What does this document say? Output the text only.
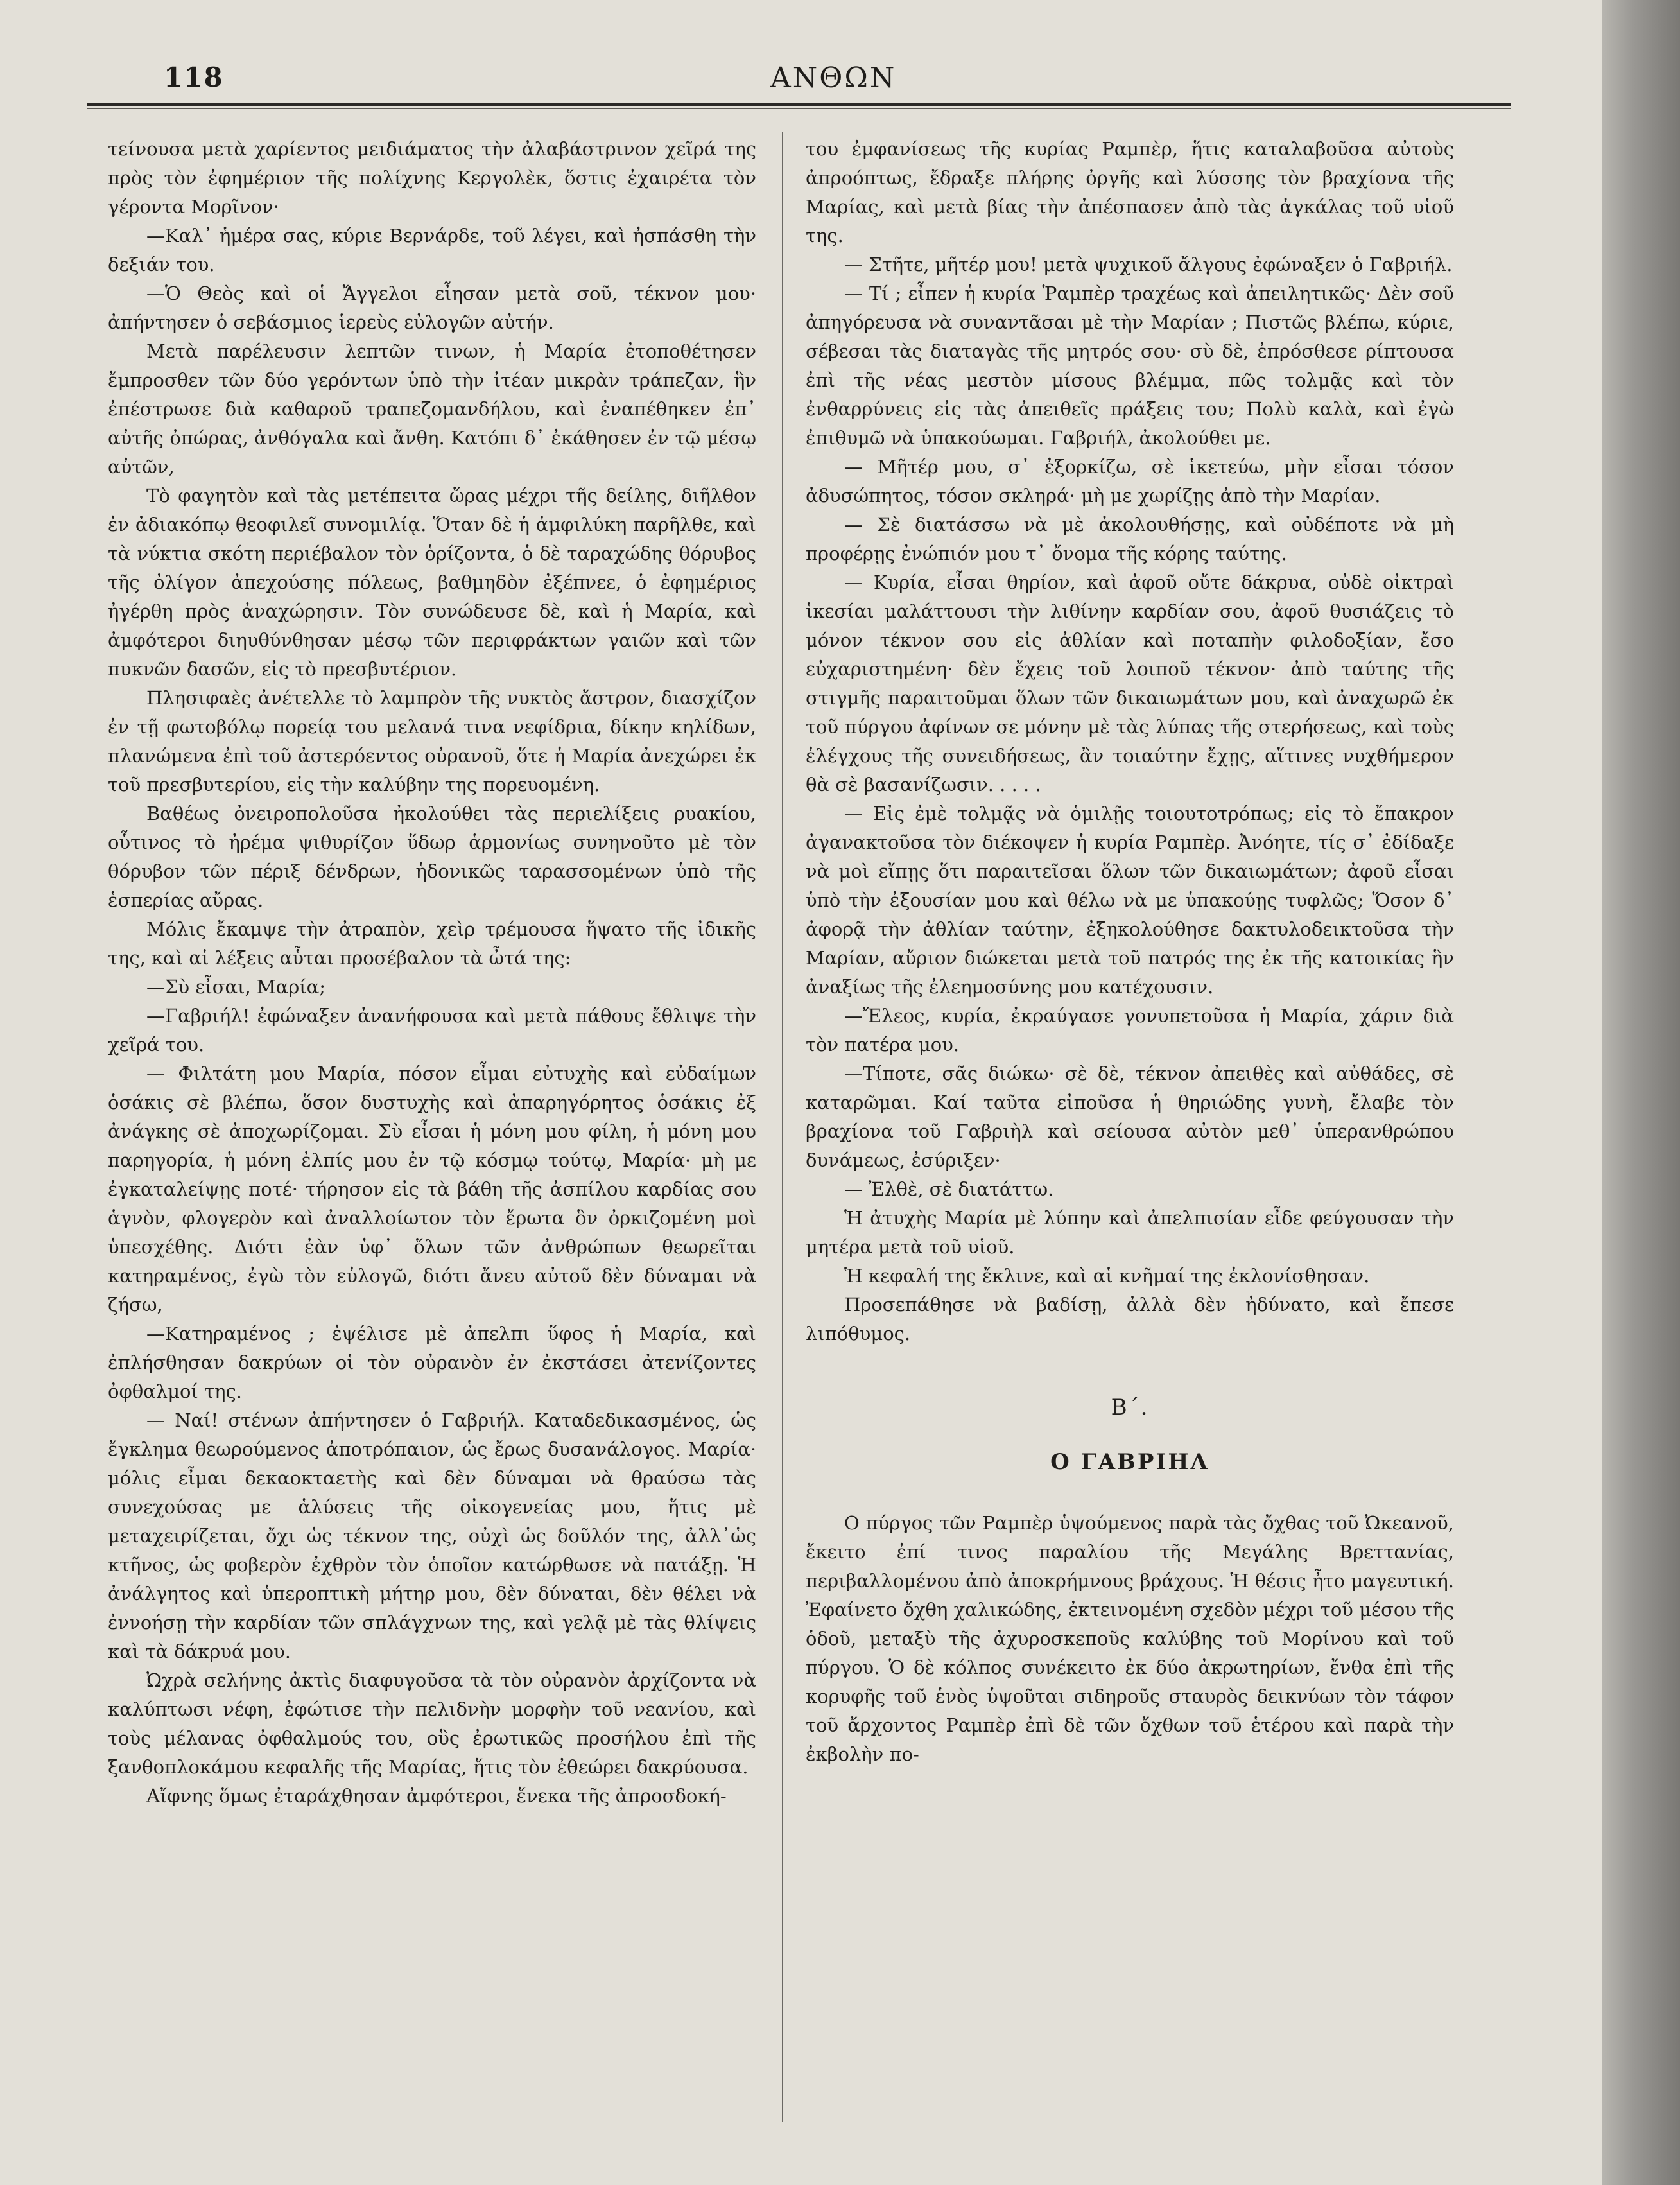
118	ΑΝΘΩΝ

τείνουσα μετὰ χαρίεντος μειδιάματος τὴν ἀλαβάστρινον χεῖρά της πρὸς τὸν ἐφημέριον τῆς πολίχνης Κεργολὲκ, ὅστις ἐχαιρέτα τὸν γέροντα Μορῖνον·

—Καλ᾽ ἡμέρα σας, κύριε Βερνάρδε, τοῦ λέγει, καὶ ἠσπάσθη τὴν δεξιάν του.

—Ὁ Θεὸς καὶ οἱ Ἄγγελοι εἶησαν μετὰ σοῦ, τέκνον μου· ἀπήντησεν ὁ σεβάσμιος ἱερεὺς εὐλογῶν αὐτήν.

Μετὰ παρέλευσιν λεπτῶν τινων, ἡ Μαρία ἐτοποθέτησεν ἔμπροσθεν τῶν δύο γερόντων ὑπὸ τὴν ἰτέαν μικρὰν τράπεζαν, ἣν ἐπέστρωσε διὰ καθαροῦ τραπεζομανδήλου, καὶ ἐναπέθηκεν ἐπ᾽ αὐτῆς ὀπώρας, ἀνθόγαλα καὶ ἄνθη. Κατόπι δ᾽ ἐκάθησεν ἐν τῷ μέσῳ αὐτῶν,

Τὸ φαγητὸν καὶ τὰς μετέπειτα ὥρας μέχρι τῆς δείλης, διῆλθον ἐν ἀδιακόπῳ θεοφιλεῖ συνομιλίᾳ. Ὅταν δὲ ἡ ἀμφιλύκη παρῆλθε, καὶ τὰ νύκτια σκότη περιέβαλον τὸν ὁρίζοντα, ὁ δὲ ταραχώδης θόρυβος τῆς ὀλίγον ἀπεχούσης πόλεως, βαθμηδὸν ἐξέπνεε, ὁ ἐφημέριος ἠγέρθη πρὸς ἀναχώρησιν. Τὸν συνώδευσε δὲ, καὶ ἡ Μαρία, καὶ ἀμφότεροι διηυθύνθησαν μέσῳ τῶν περιφράκτων γαιῶν καὶ τῶν πυκνῶν δασῶν, εἰς τὸ πρεσβυτέριον.

Πλησιφαὲς ἀνέτελλε τὸ λαμπρὸν τῆς νυκτὸς ἄστρον, διασχίζον ἐν τῇ φωτοβόλῳ πορείᾳ του μελανά τινα νεφίδρια, δίκην κηλίδων, πλανώμενα ἐπὶ τοῦ ἀστερόεντος οὐρανοῦ, ὅτε ἡ Μαρία ἀνεχώρει ἐκ τοῦ πρεσβυτερίου, εἰς τὴν καλύβην της πορευομένη.

Βαθέως ὀνειροπολοῦσα ἠκολούθει τὰς περιελίξεις ρυακίου, οὗτινος τὸ ἠρέμα ψιθυρίζον ὕδωρ ἁρμονίως συνηνοῦτο μὲ τὸν θόρυβον τῶν πέριξ δένδρων, ἡδονικῶς ταρασσομένων ὑπὸ τῆς ἑσπερίας αὔρας.

Μόλις ἔκαμψε τὴν ἀτραπὸν, χεὶρ τρέμουσα ἥψατο τῆς ἰδικῆς της, καὶ αἱ λέξεις αὗται προσέβαλον τὰ ὦτά της:

—Σὺ εἶσαι, Μαρία;

—Γαβριήλ! ἐφώναξεν ἀνανήφουσα καὶ μετὰ πάθους ἔθλιψε τὴν χεῖρά του.

— Φιλτάτη μου Μαρία, πόσον εἶμαι εὐτυχὴς καὶ εὐδαίμων ὁσάκις σὲ βλέπω, ὅσον δυστυχὴς καὶ ἀπαρηγόρητος ὁσάκις ἐξ ἀνάγκης σὲ ἀποχωρίζομαι. Σὺ εἶσαι ἡ μόνη μου φίλη, ἡ μόνη μου παρηγορία, ἡ μόνη ἐλπίς μου ἐν τῷ κόσμῳ τούτῳ, Μαρία· μὴ με ἐγκαταλείψῃς ποτέ· τήρησον εἰς τὰ βάθη τῆς ἀσπίλου καρδίας σου ἁγνὸν, φλογερὸν καὶ ἀναλλοίωτον τὸν ἔρωτα ὃν ὀρκιζομένη μοὶ ὑπεσχέθης. Διότι ἐὰν ὑφ᾽ ὅλων τῶν ἀνθρώπων θεωρεῖται κατηραμένος, ἐγὼ τὸν εὐλογῶ, διότι ἄνευ αὐτοῦ δὲν δύναμαι νὰ ζήσω,

—Κατηραμένος ; ἐψέλισε μὲ ἀπελπι ὕφος ἡ Μαρία, καὶ ἐπλήσθησαν δακρύων οἱ τὸν οὐρανὸν ἐν ἐκστάσει ἀτενίζοντες ὀφθαλμοί της.

— Ναί! στένων ἀπήντησεν ὁ Γαβριήλ. Καταδεδικασμένος, ὡς ἔγκλημα θεωρούμενος ἀποτρόπαιον, ὡς ἔρως δυσανάλογος. Μαρία· μόλις εἶμαι δεκαοκταετὴς καὶ δὲν δύναμαι νὰ θραύσω τὰς συνεχούσας με ἁλύσεις τῆς οἰκογενείας μου, ἥτις μὲ μεταχειρίζεται, ὄχι ὡς τέκνον της, οὐχὶ ὡς δοῦλόν της, ἀλλ᾽ὡς κτῆνος, ὡς φοβερὸν ἐχθρὸν τὸν ὁποῖον κατώρθωσε νὰ πατάξῃ. Ἡ ἀνάλγητος καὶ ὑπεροπτικὴ μήτηρ μου, δὲν δύναται, δὲν θέλει νὰ ἐννοήσῃ τὴν καρδίαν τῶν σπλάγχνων της, καὶ γελᾷ μὲ τὰς θλίψεις καὶ τὰ δάκρυά μου.

Ὠχρὰ σελήνης ἀκτὶς διαφυγοῦσα τὰ τὸν οὐρανὸν ἀρχίζοντα νὰ καλύπτωσι νέφη, ἐφώτισε τὴν πελιδνὴν μορφὴν τοῦ νεανίου, καὶ τοὺς μέλανας ὀφθαλμούς του, οὓς ἐρωτικῶς προσήλου ἐπὶ τῆς ξανθοπλοκάμου κεφαλῆς τῆς Μαρίας, ἥτις τὸν ἐθεώρει δακρύουσα.

Αἴφνης ὅμως ἐταράχθησαν ἀμφότεροι, ἕνεκα τῆς ἀπροσδοκή-

του ἐμφανίσεως τῆς κυρίας Ραμπὲρ, ἥτις καταλαβοῦσα αὐτοὺς ἀπροόπτως, ἔδραξε πλήρης ὀργῆς καὶ λύσσης τὸν βραχίονα τῆς Μαρίας, καὶ μετὰ βίας τὴν ἀπέσπασεν ἀπὸ τὰς ἀγκάλας τοῦ υἱοῦ της.

— Στῆτε, μῆτέρ μου! μετὰ ψυχικοῦ ἄλγους ἐφώναξεν ὁ Γαβριήλ.

— Τί ; εἶπεν ἡ κυρία Ῥαμπὲρ τραχέως καὶ ἀπειλητικῶς· Δὲν σοῦ ἀπηγόρευσα νὰ συναντᾶσαι μὲ τὴν Μαρίαν ; Πιστῶς βλέπω, κύριε, σέβεσαι τὰς διαταγὰς τῆς μητρός σου· σὺ δὲ, ἐπρόσθεσε ρίπτουσα ἐπὶ τῆς νέας μεστὸν μίσους βλέμμα, πῶς τολμᾷς καὶ τὸν ἐνθαρρύνεις εἰς τὰς ἀπειθεῖς πράξεις του; Πολὺ καλὰ, καὶ ἐγὼ ἐπιθυμῶ νὰ ὑπακούωμαι. Γαβριήλ, ἀκολούθει με.

— Μῆτέρ μου, σ᾽ ἐξορκίζω, σὲ ἱκετεύω, μὴν εἶσαι τόσον ἀδυσώπητος, τόσον σκληρά· μὴ με χωρίζῃς ἀπὸ τὴν Μαρίαν.

— Σὲ διατάσσω νὰ μὲ ἀκολουθήσῃς, καὶ οὐδέποτε νὰ μὴ προφέρῃς ἐνώπιόν μου τ᾽ ὄνομα τῆς κόρης ταύτης.

— Κυρία, εἶσαι θηρίον, καὶ ἀφοῦ οὔτε δάκρυα, οὐδὲ οἰκτραὶ ἱκεσίαι μαλάττουσι τὴν λιθίνην καρδίαν σου, ἀφοῦ θυσιάζεις τὸ μόνον τέκνον σου εἰς ἀθλίαν καὶ ποταπὴν φιλοδοξίαν, ἔσο εὐχαριστημένη· δὲν ἔχεις τοῦ λοιποῦ τέκνον· ἀπὸ ταύτης τῆς στιγμῆς παραιτοῦμαι ὅλων τῶν δικαιωμάτων μου, καὶ ἀναχωρῶ ἐκ τοῦ πύργου ἀφίνων σε μόνην μὲ τὰς λύπας τῆς στερήσεως, καὶ τοὺς ἐλέγχους τῆς συνειδήσεως, ἂν τοιαύτην ἔχῃς, αἵτινες νυχθήμερον θὰ σὲ βασανίζωσιν. . . . .

— Εἰς ἐμὲ τολμᾷς νὰ ὁμιλῇς τοιουτοτρόπως; εἰς τὸ ἔπακρον ἀγανακτοῦσα τὸν διέκοψεν ἡ κυρία Ραμπὲρ. Ἀνόητε, τίς σ᾽ ἐδίδαξε νὰ μοὶ εἴπῃς ὅτι παραιτεῖσαι ὅλων τῶν δικαιωμάτων; ἀφοῦ εἶσαι ὑπὸ τὴν ἐξουσίαν μου καὶ θέλω νὰ με ὑπακούῃς τυφλῶς; Ὅσον δ᾽ ἀφορᾷ τὴν ἀθλίαν ταύτην, ἐξηκολούθησε δακτυλοδεικτοῦσα τὴν Μαρίαν, αὔριον διώκεται μετὰ τοῦ πατρός της ἐκ τῆς κατοικίας ἣν ἀναξίως τῆς ἐλεημοσύνης μου κατέχουσιν.

—Ἔλεος, κυρία, ἐκραύγασε γονυπετοῦσα ἡ Μαρία, χάριν διὰ τὸν πατέρα μου.

—Τίποτε, σᾶς διώκω· σὲ δὲ, τέκνον ἀπειθὲς καὶ αὐθάδες, σὲ καταρῶμαι. Καί ταῦτα εἰποῦσα ἡ θηριώδης γυνὴ, ἔλαβε τὸν βραχίονα τοῦ Γαβριὴλ καὶ σείουσα αὐτὸν μεθ᾽ ὑπερανθρώπου δυνάμεως, ἐσύριξεν·

— Ἐλθὲ, σὲ διατάττω.

Ἡ ἀτυχὴς Μαρία μὲ λύπην καὶ ἀπελπισίαν εἶδε φεύγουσαν τὴν μητέρα μετὰ τοῦ υἱοῦ.

Ἡ κεφαλή της ἔκλινε, καὶ αἱ κνῆμαί της ἐκλονίσθησαν.

Προσεπάθησε νὰ βαδίσῃ, ἀλλὰ δὲν ἠδύνατο, καὶ ἔπεσε λιπόθυμος.

Β΄.
Ο ΓΑΒΡΙΗΛ

Ο πύργος τῶν Ραμπὲρ ὑψούμενος παρὰ τὰς ὄχθας τοῦ Ὠκεανοῦ, ἔκειτο ἐπί τινος παραλίου τῆς Μεγάλης Βρεττανίας, περιβαλλομένου ἀπὸ ἀποκρήμνους βράχους. Ἡ θέσις ἦτο μαγευτική. Ἐφαίνετο ὄχθη χαλικώδης, ἐκτεινομένη σχεδὸν μέχρι τοῦ μέσου τῆς ὁδοῦ, μεταξὺ τῆς ἀχυροσκεποῦς καλύβης τοῦ Μορίνου καὶ τοῦ πύργου. Ὁ δὲ κόλπος συνέκειτο ἐκ δύο ἀκρωτηρίων, ἔνθα ἐπὶ τῆς κορυφῆς τοῦ ἑνὸς ὑψοῦται σιδηροῦς σταυρὸς δεικνύων τὸν τάφον τοῦ ἄρχοντος Ραμπὲρ ἐπὶ δὲ τῶν ὄχθων τοῦ ἑτέρου καὶ παρὰ τὴν ἐκβολὴν πο-
